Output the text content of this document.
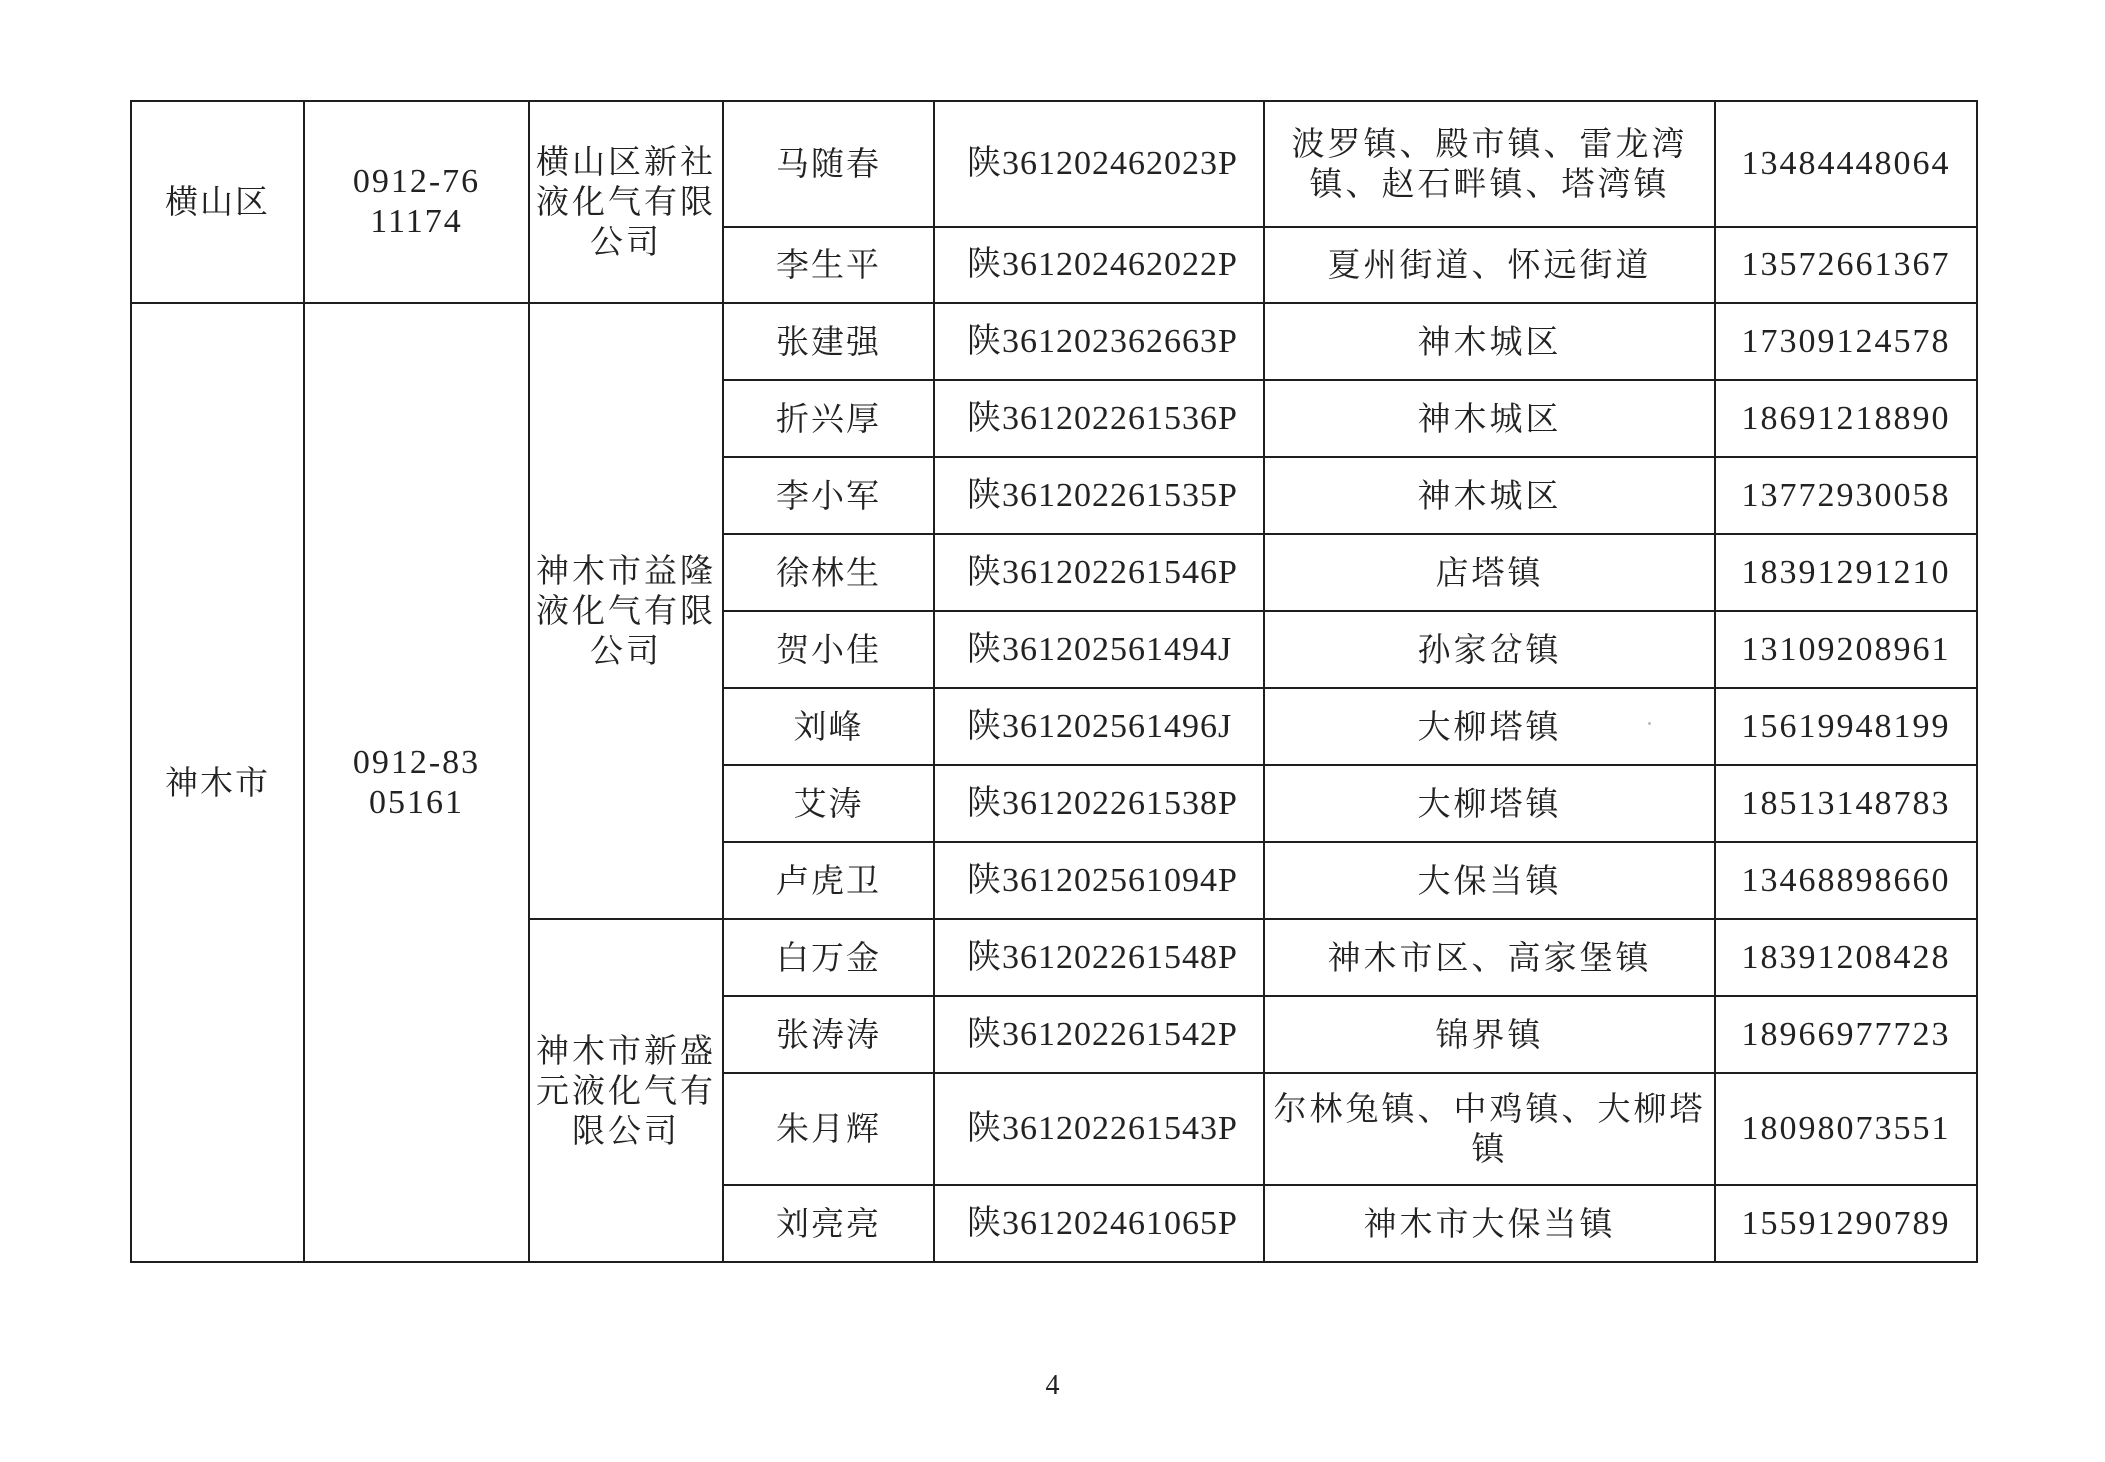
横山区	0912-7611174	横山区新社液化气有限公司	马随春	陕361202462023P	波罗镇、殿市镇、雷龙湾镇、赵石畔镇、塔湾镇	13484448064
			李生平	陕361202462022P	夏州街道、怀远街道	13572661367
神木市	0912-8305161	神木市益隆液化气有限公司	张建强	陕361202362663P	神木城区	17309124578
			折兴厚	陕361202261536P	神木城区	18691218890
			李小军	陕361202261535P	神木城区	13772930058
			徐林生	陕361202261546P	店塔镇	18391291210
			贺小佳	陕361202561494J	孙家岔镇	13109208961
			刘峰	陕361202561496J	大柳塔镇	15619948199
			艾涛	陕361202261538P	大柳塔镇	18513148783
			卢虎卫	陕361202561094P	大保当镇	13468898660
		神木市新盛元液化气有限公司	白万金	陕361202261548P	神木市区、高家堡镇	18391208428
			张涛涛	陕361202261542P	锦界镇	18966977723
			朱月辉	陕361202261543P	尔林兔镇、中鸡镇、大柳塔镇	18098073551
			刘亮亮	陕361202461065P	神木市大保当镇	15591290789
4
